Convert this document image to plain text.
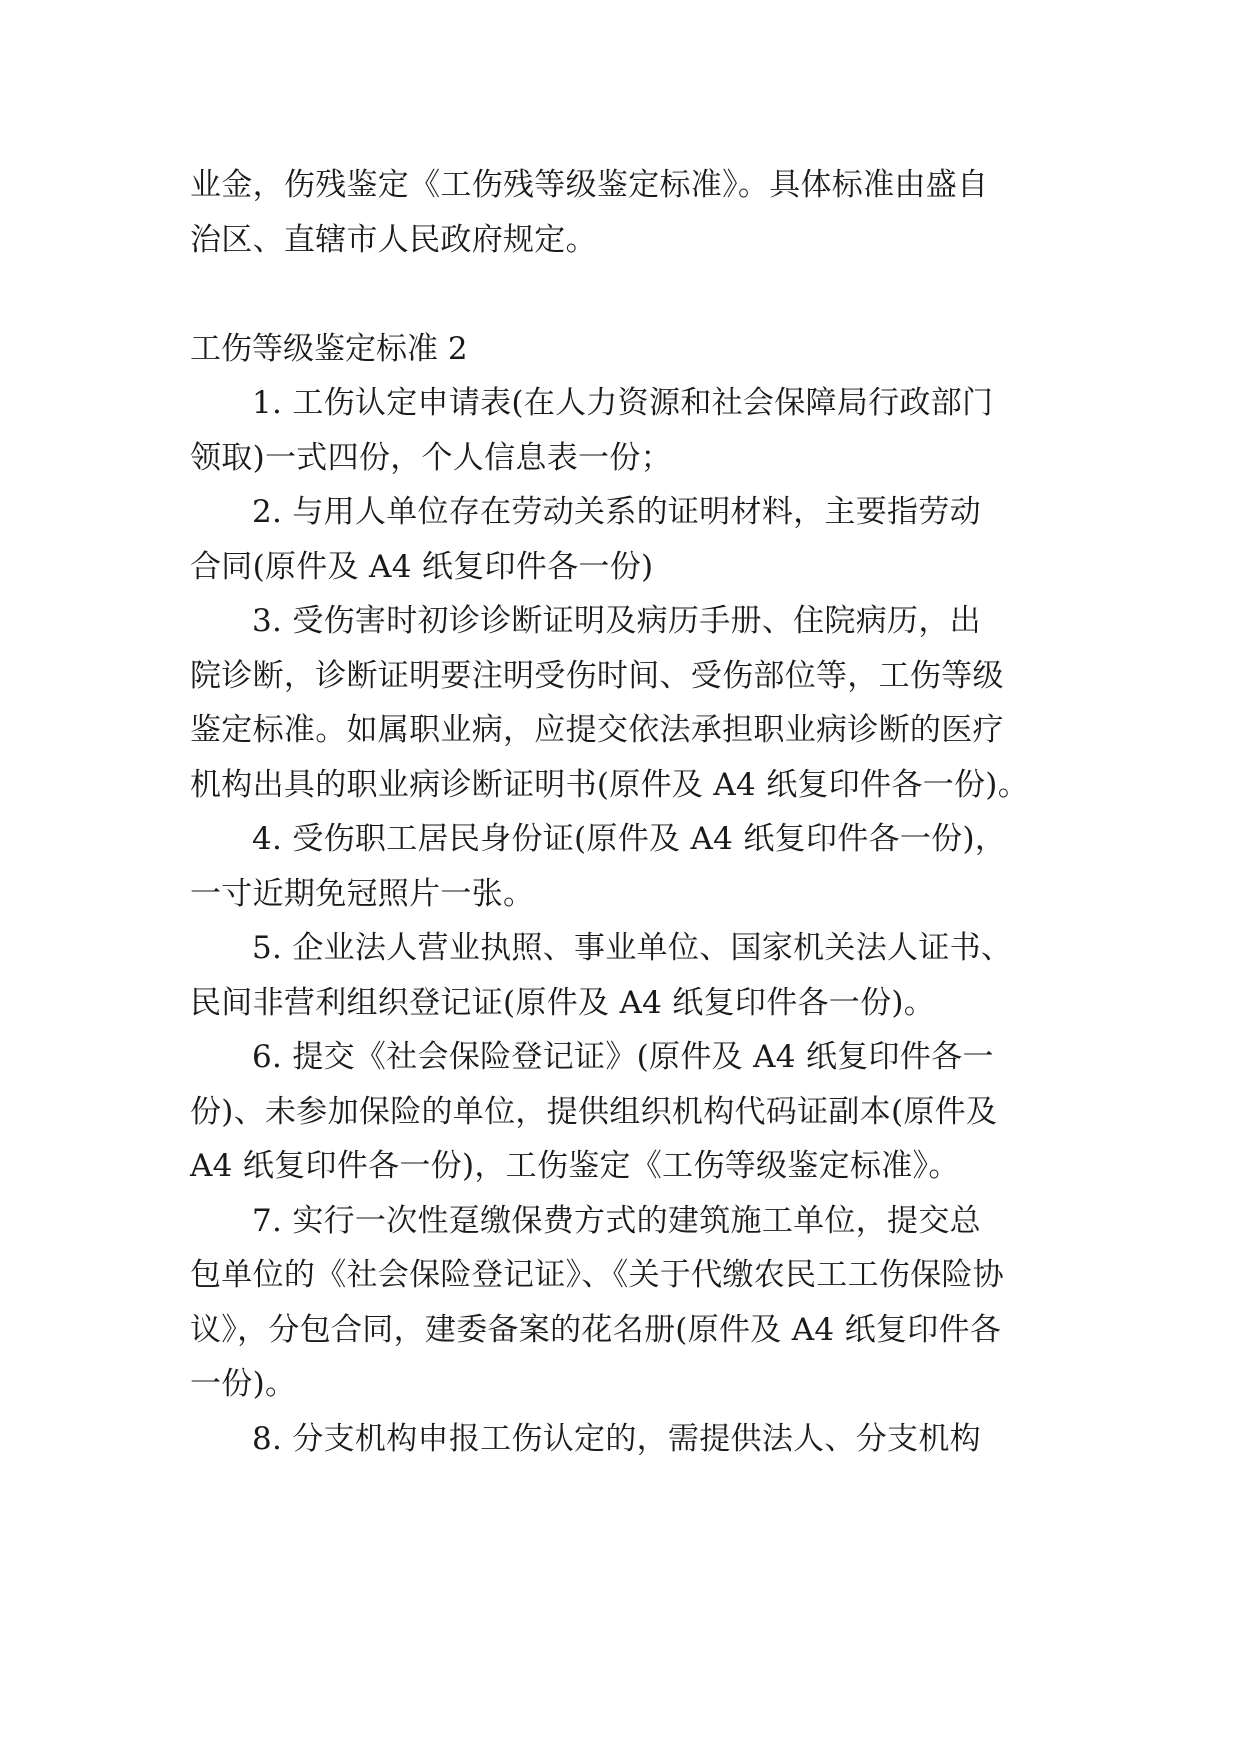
业金，伤残鉴定《工伤残等级鉴定标准》。具体标准由盛自
治区、直辖市人民政府规定。
工伤等级鉴定标准 2
1. 工伤认定申请表(在人力资源和社会保障局行政部门
领取)一式四份，个人信息表一份；
2. 与用人单位存在劳动关系的证明材料，主要指劳动
合同(原件及 A4 纸复印件各一份)
3. 受伤害时初诊诊断证明及病历手册、住院病历，出
院诊断，诊断证明要注明受伤时间、受伤部位等，工伤等级
鉴定标准。如属职业病，应提交依法承担职业病诊断的医疗
机构出具的职业病诊断证明书(原件及 A4 纸复印件各一份)。
4. 受伤职工居民身份证(原件及 A4 纸复印件各一份)，
一寸近期免冠照片一张。
5. 企业法人营业执照、事业单位、国家机关法人证书、
民间非营利组织登记证(原件及 A4 纸复印件各一份)。
6. 提交《社会保险登记证》(原件及 A4 纸复印件各一
份)、未参加保险的单位，提供组织机构代码证副本(原件及
A4 纸复印件各一份)，工伤鉴定《工伤等级鉴定标准》。
7. 实行一次性趸缴保费方式的建筑施工单位，提交总
包单位的《社会保险登记证》、《关于代缴农民工工伤保险协
议》，分包合同，建委备案的花名册(原件及 A4 纸复印件各
一份)。
8. 分支机构申报工伤认定的，需提供法人、分支机构
